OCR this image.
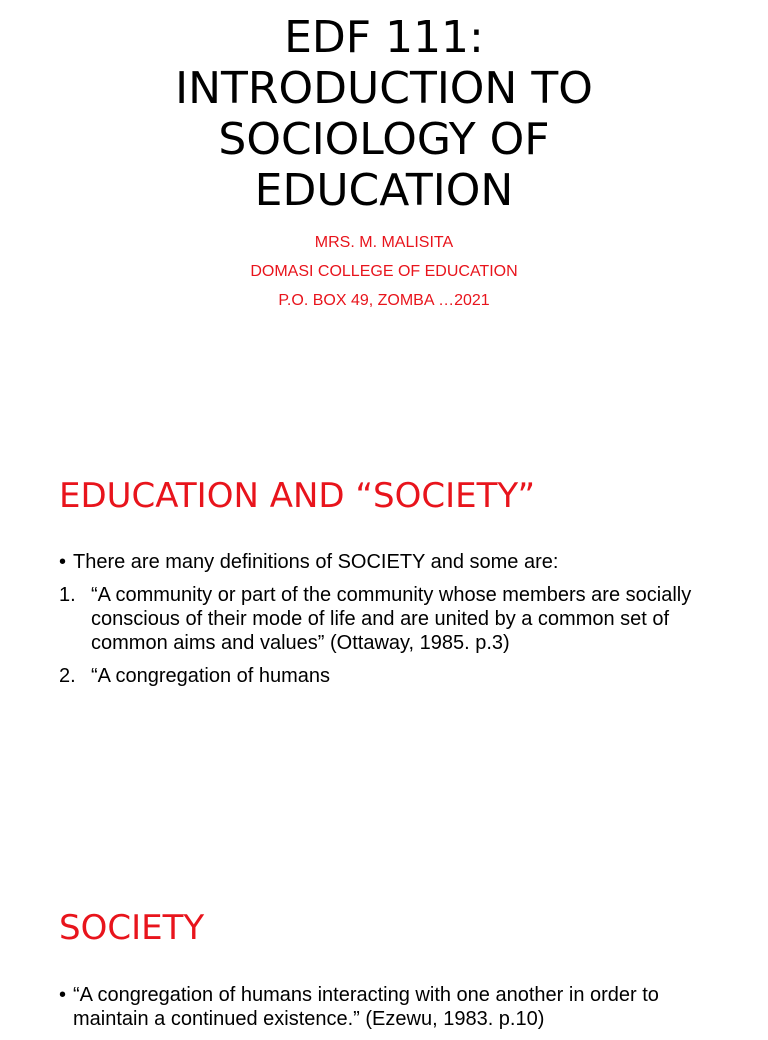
EDF 111:
INTRODUCTION TO
SOCIOLOGY OF
EDUCATION
MRS. M. MALISITA
DOMASI COLLEGE OF EDUCATION
P.O. BOX 49, ZOMBA …2021
EDUCATION AND “SOCIETY”
• There are many definitions of SOCIETY and some are:
1. “A community or part of the community whose members are socially conscious of their mode of life and are united by a common set of common aims and values” (Ottaway, 1985. p.3)
2. “A congregation of humans
SOCIETY
• “A congregation of humans interacting with one another in order to maintain a continued existence.” (Ezewu, 1983. p.10)
